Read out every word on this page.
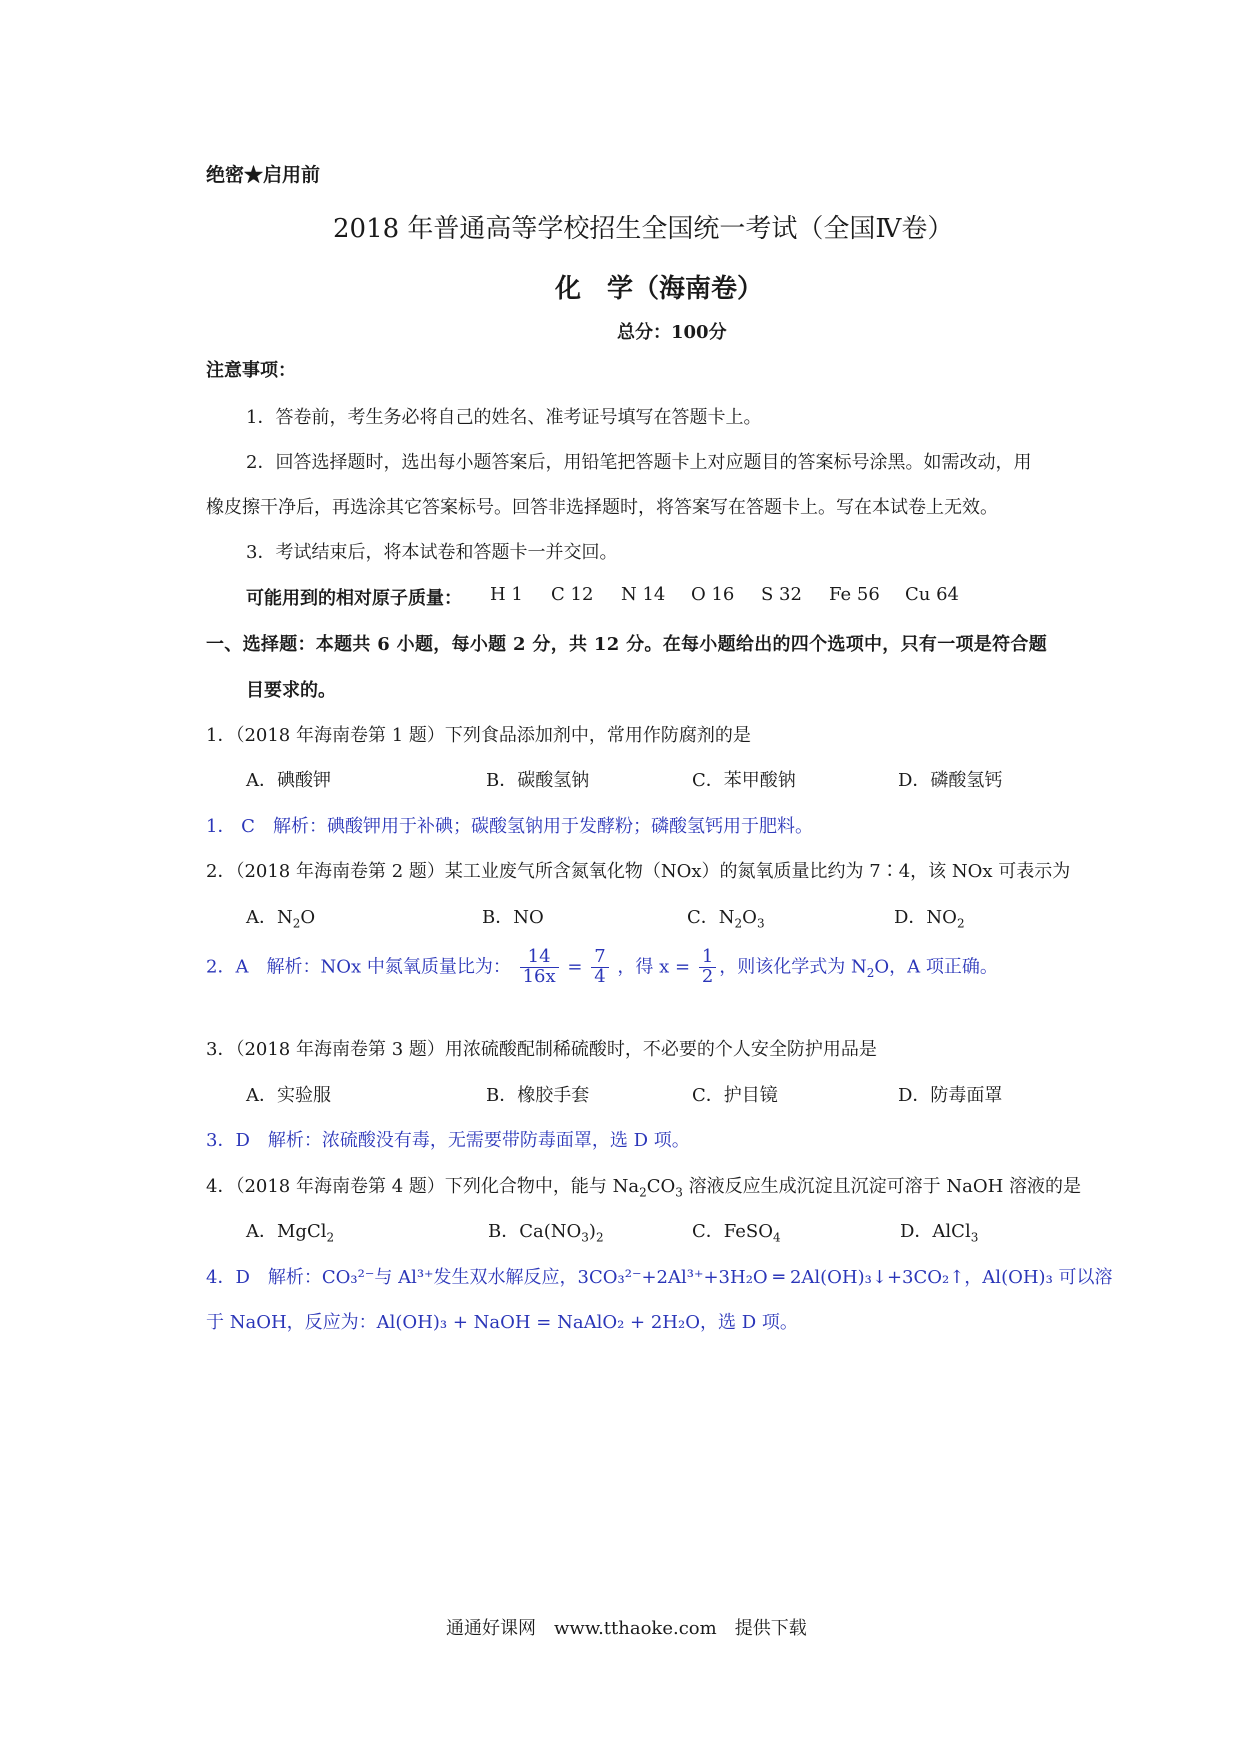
绝密★启用前
2018 年普通高等学校招生全国统一考试（全国Ⅳ卷）
化　学（海南卷）
总分：100分
注意事项：
1．答卷前，考生务必将自己的姓名、准考证号填写在答题卡上。
2．回答选择题时，选出每小题答案后，用铅笔把答题卡上对应题目的答案标号涂黑。如需改动，用
橡皮擦干净后，再选涂其它答案标号。回答非选择题时，将答案写在答题卡上。写在本试卷上无效。
3．考试结束后，将本试卷和答题卡一并交回。
可能用到的相对原子质量： H 1 C 12 N 14 O 16 S 32 Fe 56 Cu 64
一、选择题：本题共 6 小题，每小题 2 分，共 12 分。在每小题给出的四个选项中，只有一项是符合题
目要求的。
1．（2018 年海南卷第 1 题）下列食品添加剂中，常用作防腐剂的是
A．碘酸钾	B．碳酸氢钠	C．苯甲酸钠	D．磷酸氢钙
1． C　解析：碘酸钾用于补碘；碳酸氢钠用于发酵粉；磷酸氢钙用于肥料。
2．（2018 年海南卷第 2 题）某工业废气所含氮氧化物（NOx）的氮氧质量比约为 7∶4，该 NOx 可表示为
A．$N_2O$	B．NO	C．$N_2O_3$	D．$NO_2$
2．A　解析：NOx 中氮氧质量比为： $\frac{14}{16x} = \frac{7}{4}$ ，得 $x = \frac{1}{2}$ ，则该化学式为 $N_2O$，A 项正确。
3．（2018 年海南卷第 3 题）用浓硫酸配制稀硫酸时，不必要的个人安全防护用品是
A．实验服	B．橡胶手套	C．护目镜	D．防毒面罩
3．D　解析：浓硫酸没有毒，无需要带防毒面罩，选 D 项。
4．（2018 年海南卷第 4 题）下列化合物中，能与 $Na_2CO_3$ 溶液反应生成沉淀且沉淀可溶于 NaOH 溶液的是
A．MgCl$_2$	B．$Ca(NO_3)_2$	C．FeSO$_4$	D．AlCl$_3$
4．D　解析：CO₃²⁻与 Al³⁺发生双水解反应，3CO₃²⁻+2Al³⁺+3H₂O ═ 2Al(OH)₃↓+3CO₂↑，Al(OH)₃ 可以溶
于 NaOH，反应为：Al(OH)₃ + NaOH = NaAlO₂ + 2H₂O，选 D 项。
通通好课网　www.tthaoke.com　提供下载
